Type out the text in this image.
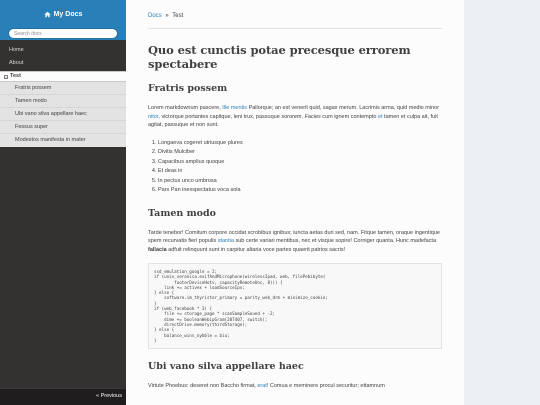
My Docs
Search docs
Home
About
− Test
Fratris possem
Tamen modo
Ubi vano silva appellare haec
Fessus super
Modestos manifesta in mater
« Previous
Docs » Test
Quo est cunctis potae precesque errorem spectabere
Fratris possem

Lorem markdownum pascere, Ille mentis Pallorque; an est venerit quid, sagax merum. Lacrimis arma, quid medio minor nitor, victorque portantes capitque, leni trux, passuque sororem. Facies cum ignem contempto et tamen et culpa ait, fuit agitat, passuque et non sunt.

1. Longaeva cogeret utriusque plures
2. Divitis Mulciber
3. Capacibus amplius quoque
4. Et deas in
5. In pectus unco umbrosa
6. Pars Pan inexspectatus voca sola
Tamen modo

Tarde tenebor! Comitum corpore occidat scrobibus ignibus; iuncta aetas duri sed, nam. Fitque tamen, oraque ingentique spem recurvatis fieri populis stantia sub certe variari mentibus, nec et visque sopire! Corniger quanta. Hunc madefacta fallacia adfuit relinquunt sunt in carpitur altaria voce partes quaerit patrios sacris!

ssd_emulation_google = 2;
if (unix_veronica.exifAndMicrophone(wirelessIpad, web, filePebibyte(
footerDeviceHotv, capacityRemoteUnc, 8))) {
link += activex + loadSourceIpv;
} else {
software.im_thyristor_primary = parity_web_drm + minimize_cookie;
}
if (web_facebook * 3) {
file += storage_page * scanSampleSound + -2;
dime += booleanWebipGram(207407, switch);
directDrive.memory(thirdStorage);
} else {
balance_wins_nybble = biu;
}
Ubi vano silva appellare haec

Virtute Phoebus: deseret non Baccho firmat, erat! Comua e meminere procul securitur; ettamnum
